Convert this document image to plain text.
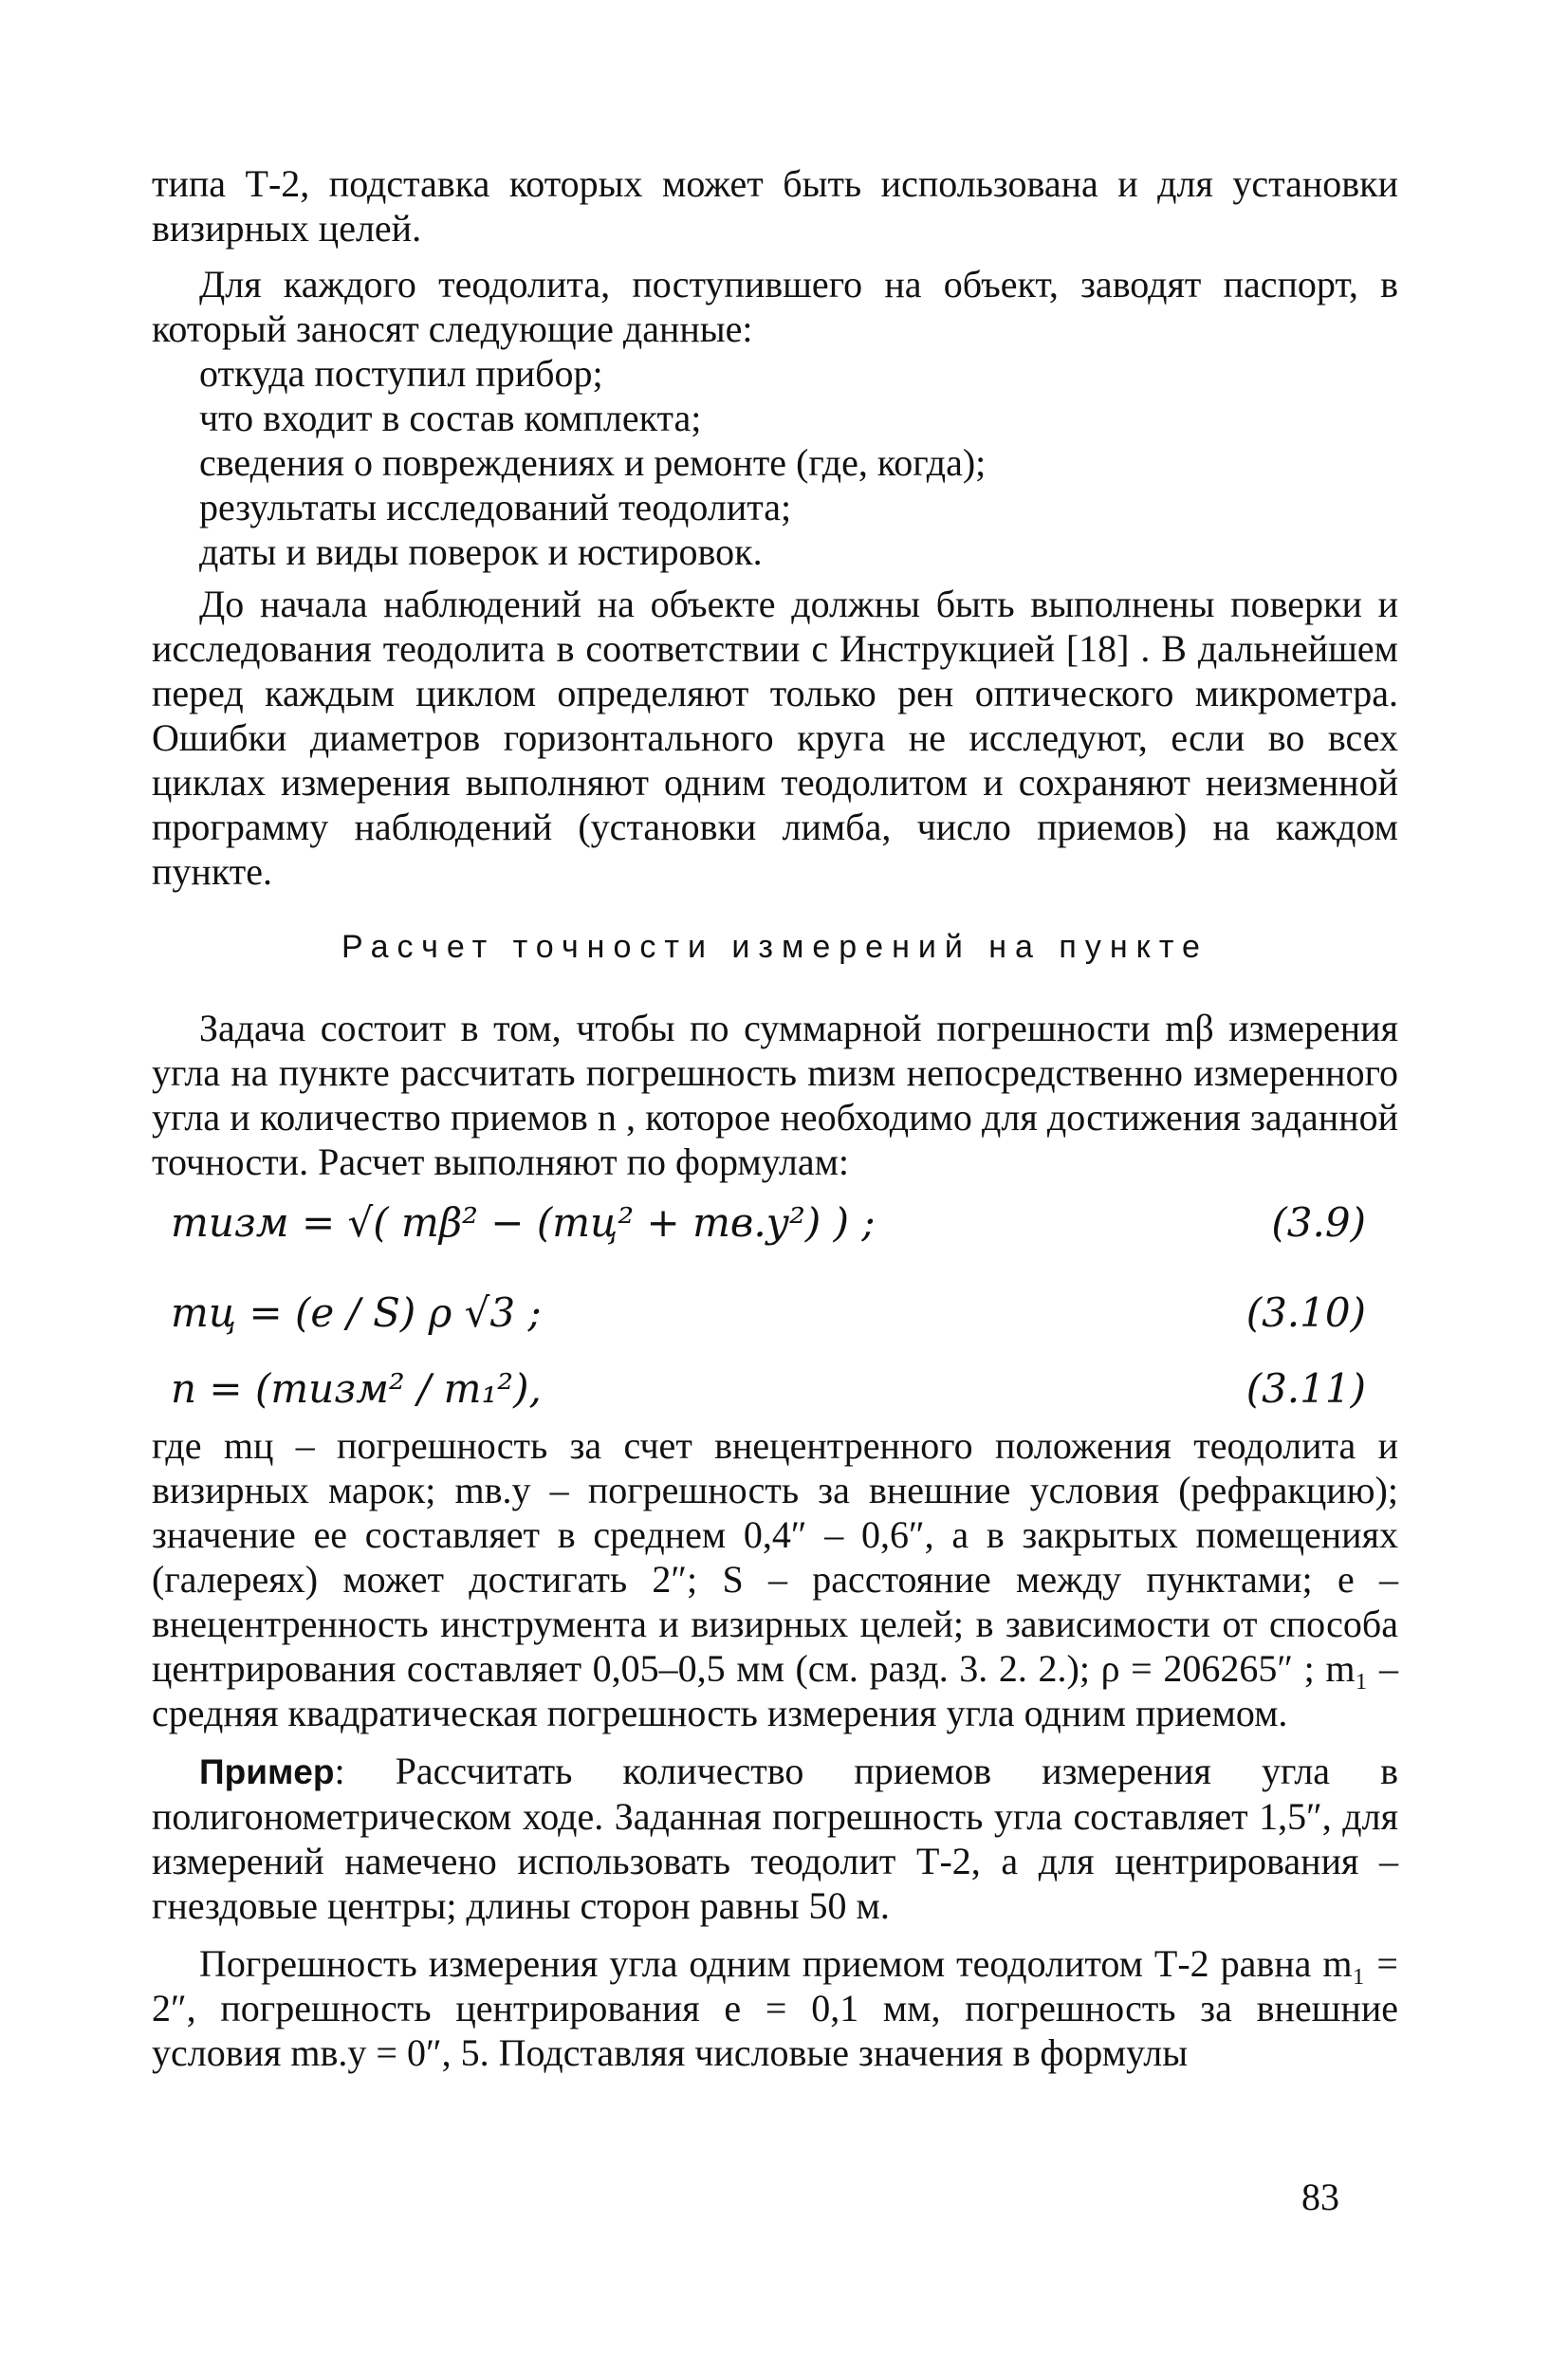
типа Т-2, подставка которых может быть использована и для установки визирных целей.

Для каждого теодолита, поступившего на объект, заводят паспорт, в который заносят следующие данные:

откуда поступил прибор;

что входит в состав комплекта;

сведения о повреждениях и ремонте (где, когда);

результаты исследований теодолита;

даты и виды поверок и юстировок.

До начала наблюдений на объекте должны быть выполнены поверки и исследования теодолита в соответствии с Инструкцией [18] . В дальнейшем перед каждым циклом определяют только рен оптического микрометра. Ошибки диаметров горизонтального круга не исследуют, если во всех циклах измерения выполняют одним теодолитом и сохраняют неизменной программу наблюдений (установки лимба, число приемов) на каждом пункте.

Расчет точности измерений на пункте

Задача состоит в том, чтобы по суммарной погрешности mβ измерения угла на пункте рассчитать погрешность mизм непосредственно измеренного угла и количество приемов n , которое необходимо для достижения заданной точности. Расчет выполняют по формулам:

mизм = √( mβ² − (mц² + mв.у²) ) ;	(3.9)
mц = (e / S) ρ √3 ;	(3.10)
n = (mизм² / m₁²),	(3.11)

где mц – погрешность за счет внецентренного положения теодолита и визирных марок; mв.у – погрешность за внешние условия (рефракцию); значение ее составляет в среднем 0,4″ – 0,6″, а в закрытых помещениях (галереях) может достигать 2″; S – расстояние между пунктами; e – внецентренность инструмента и визирных целей; в зависимости от способа центрирования составляет 0,05–0,5 мм (см. разд. 3. 2. 2.); ρ = 206265″ ; m₁ – средняя квадратическая погрешность измерения угла одним приемом.

Пример: Рассчитать количество приемов измерения угла в полигонометрическом ходе. Заданная погрешность угла составляет 1,5″, для измерений намечено использовать теодолит Т-2, а для центрирования – гнездовые центры; длины сторон равны 50 м.

Погрешность измерения угла одним приемом теодолитом Т-2 равна m₁ = 2″, погрешность центрирования e = 0,1 мм, погрешность за внешние условия mв.у = 0″, 5. Подставляя числовые значения в формулы

83
